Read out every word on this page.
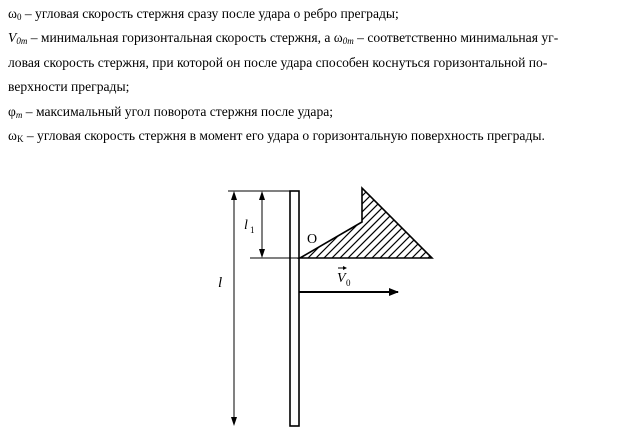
$\omega_0$ – угловая скорость стержня сразу после удара о ребро преграды;

$V_{0m}$ – минимальная горизонтальная скорость стержня, а $\omega_{0m}$ – соответственно минимальная уг-
ловая скорость стержня, при которой он после удара способен коснуться горизонтальной по-
верхности преграды;

$\varphi_m$ – максимальный угол поворота стержня после удара;

$\omega_K$ – угловая скорость стержня в момент его удара о горизонтальную поверхность преграды.

l 1
l
O
V 0
